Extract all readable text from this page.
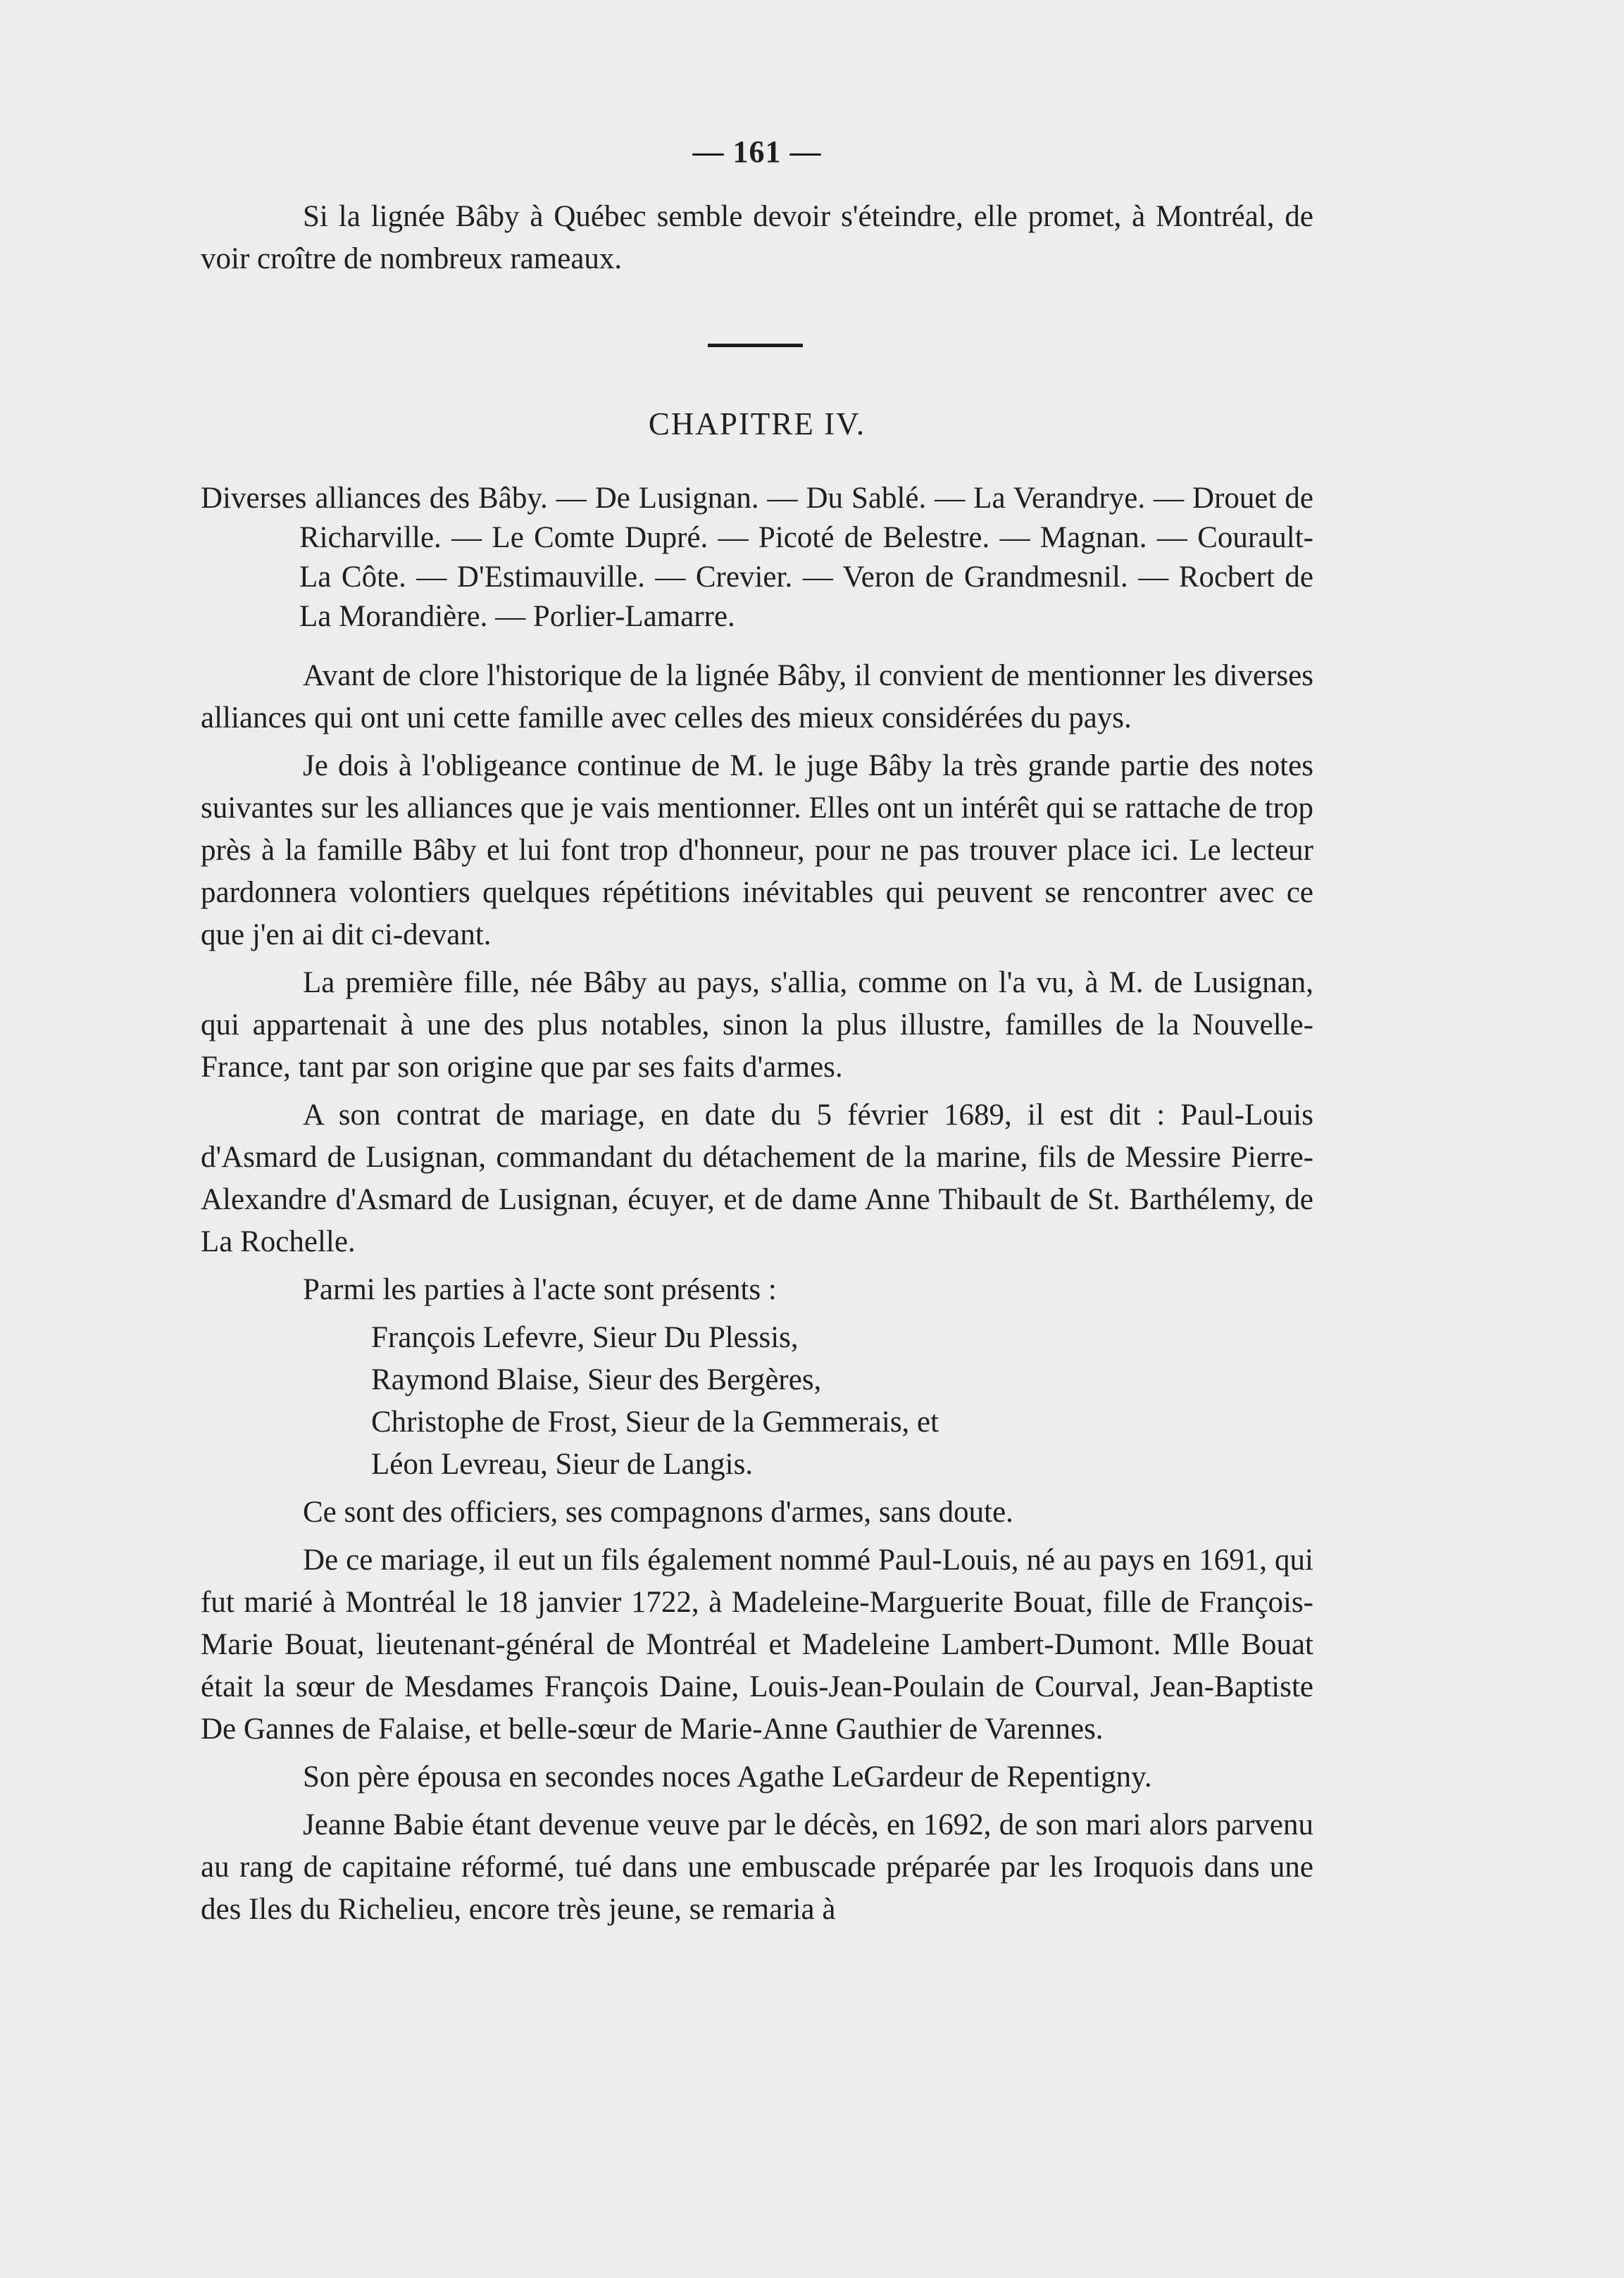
— 161 —

Si la lignée Bâby à Québec semble devoir s'éteindre, elle promet, à Montréal, de voir croître de nombreux rameaux.

CHAPITRE IV.
Diverses alliances des Bâby. — De Lusignan. — Du Sablé. — La Verandrye. — Drouet de Richarville. — Le Comte Dupré. — Picoté de Belestre. — Magnan. — Courault-La Côte. — D'Estimauville. — Crevier. — Veron de Grandmesnil. — Rocbert de La Morandière. — Porlier-Lamarre.

Avant de clore l'historique de la lignée Bâby, il convient de mentionner les diverses alliances qui ont uni cette famille avec celles des mieux considérées du pays.

Je dois à l'obligeance continue de M. le juge Bâby la très grande partie des notes suivantes sur les alliances que je vais mentionner. Elles ont un intérêt qui se rattache de trop près à la famille Bâby et lui font trop d'honneur, pour ne pas trouver place ici. Le lecteur pardonnera volontiers quelques répétitions inévitables qui peuvent se rencontrer avec ce que j'en ai dit ci-devant.

La première fille, née Bâby au pays, s'allia, comme on l'a vu, à M. de Lusignan, qui appartenait à une des plus notables, sinon la plus illustre, familles de la Nouvelle-France, tant par son origine que par ses faits d'armes.

A son contrat de mariage, en date du 5 février 1689, il est dit : Paul-Louis d'Asmard de Lusignan, commandant du détachement de la marine, fils de Messire Pierre-Alexandre d'Asmard de Lusignan, écuyer, et de dame Anne Thibault de St. Barthélemy, de La Rochelle.

Parmi les parties à l'acte sont présents :

François Lefevre, Sieur Du Plessis,
Raymond Blaise, Sieur des Bergères,
Christophe de Frost, Sieur de la Gemmerais, et
Léon Levreau, Sieur de Langis.

Ce sont des officiers, ses compagnons d'armes, sans doute.

De ce mariage, il eut un fils également nommé Paul-Louis, né au pays en 1691, qui fut marié à Montréal le 18 janvier 1722, à Madeleine-Marguerite Bouat, fille de François-Marie Bouat, lieutenant-général de Montréal et Madeleine Lambert-Dumont. Mlle Bouat était la sœur de Mesdames François Daine, Louis-Jean-Poulain de Courval, Jean-Baptiste De Gannes de Falaise, et belle-sœur de Marie-Anne Gauthier de Varennes.

Son père épousa en secondes noces Agathe LeGardeur de Repentigny.

Jeanne Babie étant devenue veuve par le décès, en 1692, de son mari alors parvenu au rang de capitaine réformé, tué dans une embuscade préparée par les Iroquois dans une des Iles du Richelieu, encore très jeune, se remaria à
